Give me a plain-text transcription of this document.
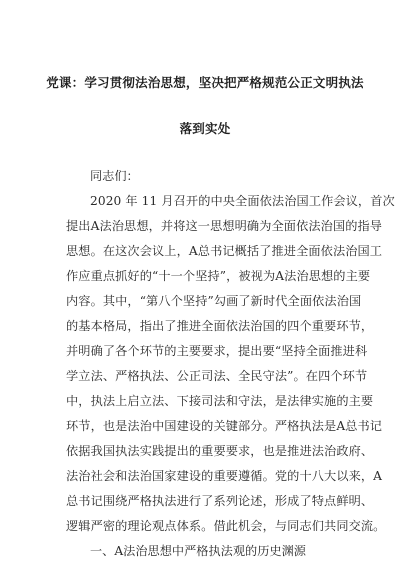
党课：学习贯彻法治思想，坚决把严格规范公正文明执法
落到实处
同志们：
2020 年 11 月召开的中央全面依法治国工作会议，首次
提出A法治思想，并将这一思想明确为全面依法治国的指导
思想。在这次会议上，A总书记概括了推进全面依法治国工
作应重点抓好的“十一个坚持”，被视为A法治思想的主要
内容。其中，“第八个坚持”勾画了新时代全面依法治国
的基本格局，指出了推进全面依法治国的四个重要环节，
并明确了各个环节的主要要求，提出要“坚持全面推进科
学立法、严格执法、公正司法、全民守法”。在四个环节
中，执法上启立法、下接司法和守法，是法律实施的主要
环节，也是法治中国建设的关键部分。严格执法是A总书记
依据我国执法实践提出的重要要求，也是推进法治政府、
法治社会和法治国家建设的重要遵循。党的十八大以来，A
总书记围绕严格执法进行了系列论述，形成了特点鲜明、
逻辑严密的理论观点体系。借此机会，与同志们共同交流。
一、A法治思想中严格执法观的历史渊源
